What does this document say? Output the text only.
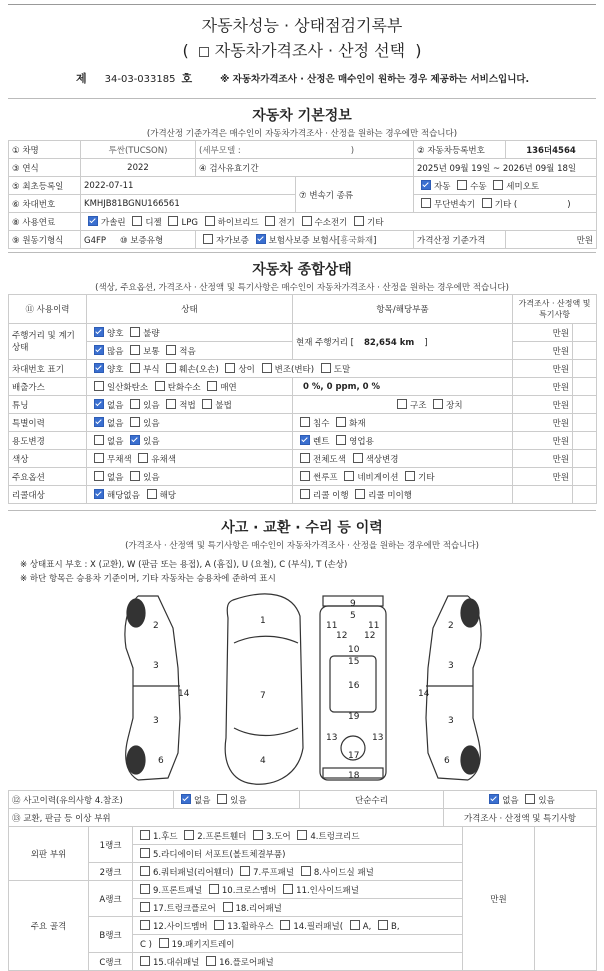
자동차성능 · 상태점검기록부
( 자동차가격조사 · 산정 선택 )
제 34-03-033185 호	※ 자동차가격조사 · 산정은 매수인이 원하는 경우 제공하는 서비스입니다.
자동차 기본정보
(가격산정 기준가격은 매수인이 자동차가격조사 · 산정을 원하는 경우에만 적습니다)
① 차명	투싼(TUCSON)	(세부모델 : )		② 자동차등록번호	136더4564
③ 연식	2022	④ 검사유효기간		2025년 09월 19일 ~ 2026년 09월 18일	
⑤ 최초등록일	2022-07-11		⑦ 변속기 종류	자동 수동 세미오토	
⑥ 차대번호	KMHJB81BGNU166561			무단변속기 기타 ( )	
⑧ 사용연료	가솔린 디젤 LPG 하이브리드 전기 수소전기 기타				
⑨ 원동기형식	G4FP ⑩ 보증유형	자가보증 보험사보증 보험사[흥국화재]		가격산정 기준가격	만원
자동차 종합상태
(색상, 주요옵션, 가격조사 · 산정액 및 특기사항은 매수인이 자동차가격조사 · 산정을 원하는 경우에만 적습니다)
⑪ 사용이력	상태	항목/해당부품	가격조사 · 산정액 및 특기사항	
주행거리 및 계기상태	양호 불량	현재 주행거리 [ 82,654 km ]	만원	
	많음 보통 적음		만원	
차대번호 표기	양호 부식 훼손(오손) 상이 변조(변타) 도말		만원	
배출가스	일산화탄소 탄화수소 매연	0 %, 0 ppm, 0 %	만원	
튜닝	없음 있음 적법 불법	구조 장치	만원	
특별이력	없음 있음	침수 화재	만원	
용도변경	없음 있음	렌트 영업용	만원	
색상	무채색 유채색	전체도색 색상변경	만원	
주요옵션	없음 있음	썬루프 네비게이션 기타	만원	
리콜대상	해당없음 해당	리콜 이행 리콜 미이행		
사고 · 교환 · 수리 등 이력
(가격조사 · 산정액 및 특기사항은 매수인이 자동차가격조사 · 산정을 원하는 경우에만 적습니다)
※ 상태표시 부호 : X (교환), W (판금 또는 용접), A (흠집), U (요철), C (부식), T (손상)
※ 하단 항목은 승용차 기준이며, 기타 자동차는 승용차에 준하여 표시
2
3
3
6
14
1
7
4
9
5
11	11
12 12
10
15
16
19
13	13
17
18
2
3
3
6
14
⑫ 사고이력(유의사항 4.참조)	없음 있음	단순수리	없음 있음
⑬ 교환, 판금 등 이상 부위			가격조사 · 산정액 및 특기사항
외판 부위	1랭크	1.후드 2.프론트휀더 3.도어 4.트렁크리드	만원	
		5.라디에이터 서포트(볼트체결부품)		
	2랭크	6.쿼터패널(리어휀더) 7.루프패널 8.사이드실 패널		
주요 골격	A랭크	9.프론트패널 10.크로스멤버 11.인사이드패널		
		17.트렁크플로어 18.리어패널		
	B랭크	12.사이드멤버 13.휠하우스 14.필러패널( A, B,		
		C ) 19.패키지트레이		
	C랭크	15.대쉬패널 16.플로어패널		
